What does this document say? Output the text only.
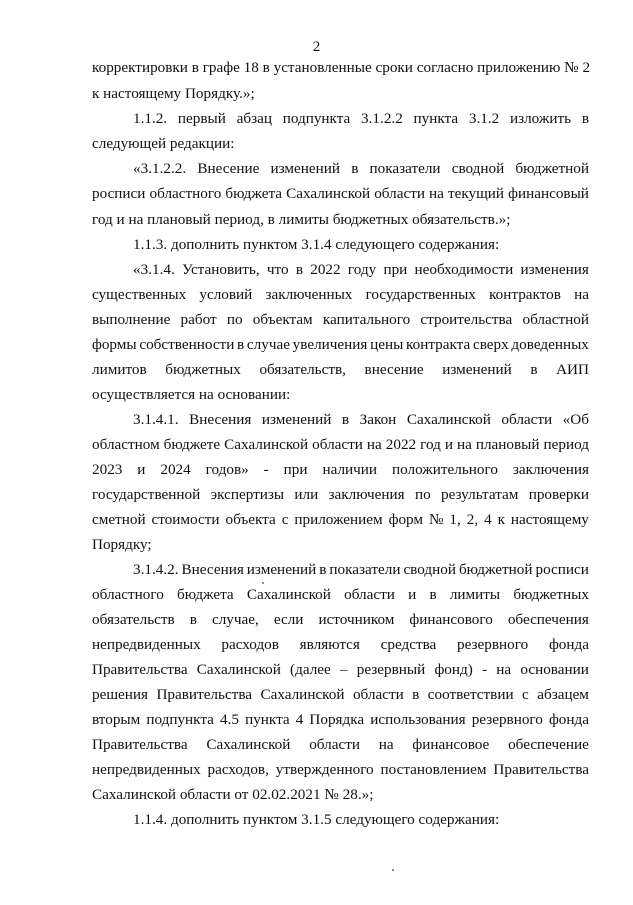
2
корректировки в графе 18 в установленные сроки согласно приложению № 2
к настоящему Порядку.»;
1.1.2. первый абзац подпункта 3.1.2.2 пункта 3.1.2 изложить в
следующей редакции:
«3.1.2.2. Внесение изменений в показатели сводной бюджетной
росписи областного бюджета Сахалинской области на текущий финансовый
год и на плановый период, в лимиты бюджетных обязательств.»;
1.1.3. дополнить пунктом 3.1.4 следующего содержания:
«3.1.4. Установить, что в 2022 году при необходимости изменения
существенных условий заключенных государственных контрактов на
выполнение работ по объектам капитального строительства областной
формы собственности в случае увеличения цены контракта сверх доведенных
лимитов бюджетных обязательств, внесение изменений в АИП
осуществляется на основании:
3.1.4.1. Внесения изменений в Закон Сахалинской области «Об
областном бюджете Сахалинской области на 2022 год и на плановый период
2023 и 2024 годов» - при наличии положительного заключения
государственной экспертизы или заключения по результатам проверки
сметной стоимости объекта с приложением форм № 1, 2, 4 к настоящему
Порядку;
3.1.4.2. Внесения изменений в показатели сводной бюджетной росписи
областного бюджета Сахалинской области и в лимиты бюджетных
обязательств в случае, если источником финансового обеспечения
непредвиденных расходов являются средства резервного фонда
Правительства Сахалинской (далее – резервный фонд) - на основании
решения Правительства Сахалинской области в соответствии с абзацем
вторым подпункта 4.5 пункта 4 Порядка использования резервного фонда
Правительства Сахалинской области на финансовое обеспечение
непредвиденных расходов, утвержденного постановлением Правительства
Сахалинской области от 02.02.2021 № 28.»;
1.1.4. дополнить пунктом 3.1.5 следующего содержания:
